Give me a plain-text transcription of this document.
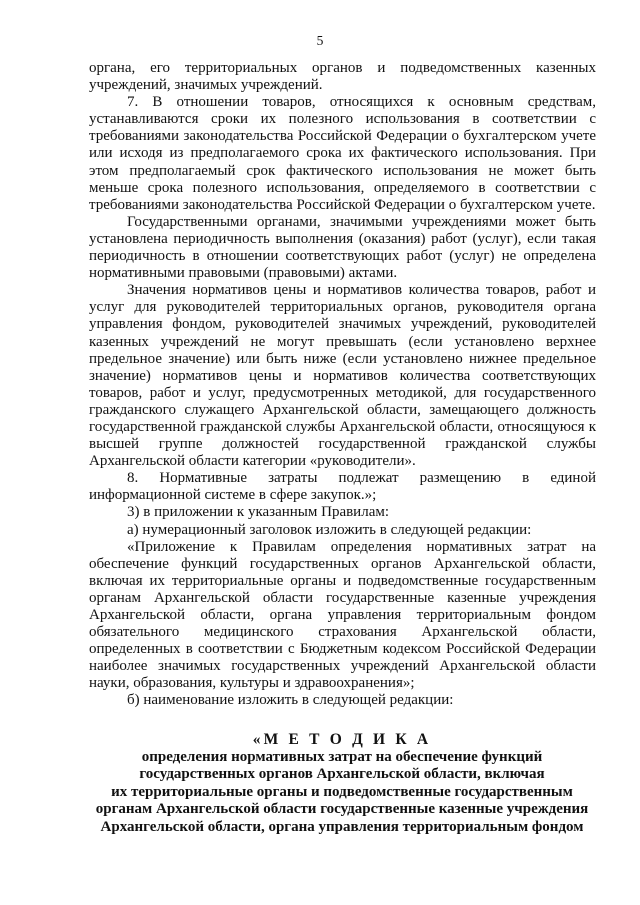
5

органа, его территориальных органов и подведомственных казенных учреждений, значимых учреждений.

7. В отношении товаров, относящихся к основным средствам, устанавливаются сроки их полезного использования в соответствии с требованиями законодательства Российской Федерации о бухгалтерском учете или исходя из предполагаемого срока их фактического использования. При этом предполагаемый срок фактического использования не может быть меньше срока полезного использования, определяемого в соответствии с требованиями законодательства Российской Федерации о бухгалтерском учете.

Государственными органами, значимыми учреждениями может быть установлена периодичность выполнения (оказания) работ (услуг), если такая периодичность в отношении соответствующих работ (услуг) не определена нормативными правовыми (правовыми) актами.

Значения нормативов цены и нормативов количества товаров, работ и услуг для руководителей территориальных органов, руководителя органа управления фондом, руководителей значимых учреждений, руководителей казенных учреждений не могут превышать (если установлено верхнее предельное значение) или быть ниже (если установлено нижнее предельное значение) нормативов цены и нормативов количества соответствующих товаров, работ и услуг, предусмотренных методикой, для государственного гражданского служащего Архангельской области, замещающего должность государственной гражданской службы Архангельской области, относящуюся к высшей группе должностей государственной гражданской службы Архангельской области категории «руководители».

8. Нормативные затраты подлежат размещению в единой информационной системе в сфере закупок.»;

3) в приложении к указанным Правилам:

а) нумерационный заголовок изложить в следующей редакции:

«Приложение к Правилам определения нормативных затрат на обеспечение функций государственных органов Архангельской области, включая их территориальные органы и подведомственные государственным органам Архангельской области государственные казенные учреждения Архангельской области, органа управления территориальным фондом обязательного медицинского страхования Архангельской области, определенных в соответствии с Бюджетным кодексом Российской Федерации наиболее значимых государственных учреждений Архангельской области науки, образования, культуры и здравоохранения»;

б) наименование изложить в следующей редакции:

«М Е Т О Д И К А
определения нормативных затрат на обеспечение функций
государственных органов Архангельской области, включая
их территориальные органы и подведомственные государственным
органам Архангельской области государственные казенные учреждения
Архангельской области, органа управления территориальным фондом
